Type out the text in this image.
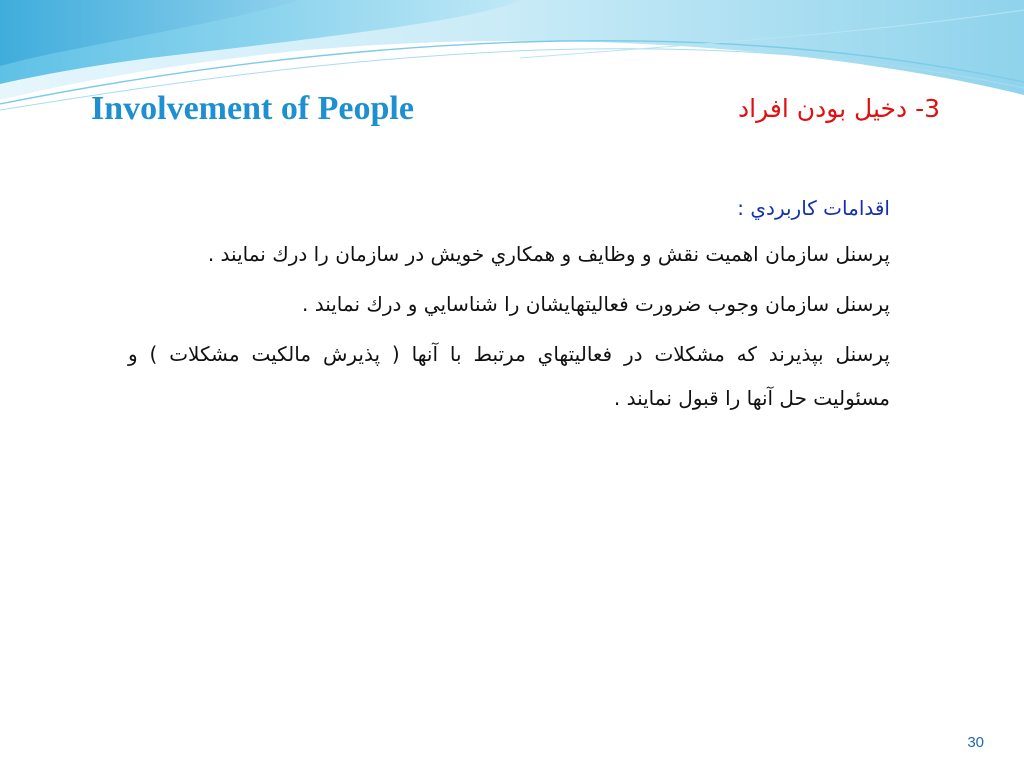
Involvement of People	3- دخيل بودن افراد
اقدامات كاربردي :

پرسنل سازمان اهميت نقش و وظايف و همكاري خويش در سازمان را درك نمايند .

پرسنل سازمان وجوب ضرورت فعاليتهايشان را شناسايي و درك نمايند .

پرسنل بپذيرند كه مشكلات در فعاليتهاي مرتبط با آنها ( پذيرش مالكيت مشكلات ) و مسئوليت حل آنها را قبول نمايند .

30
